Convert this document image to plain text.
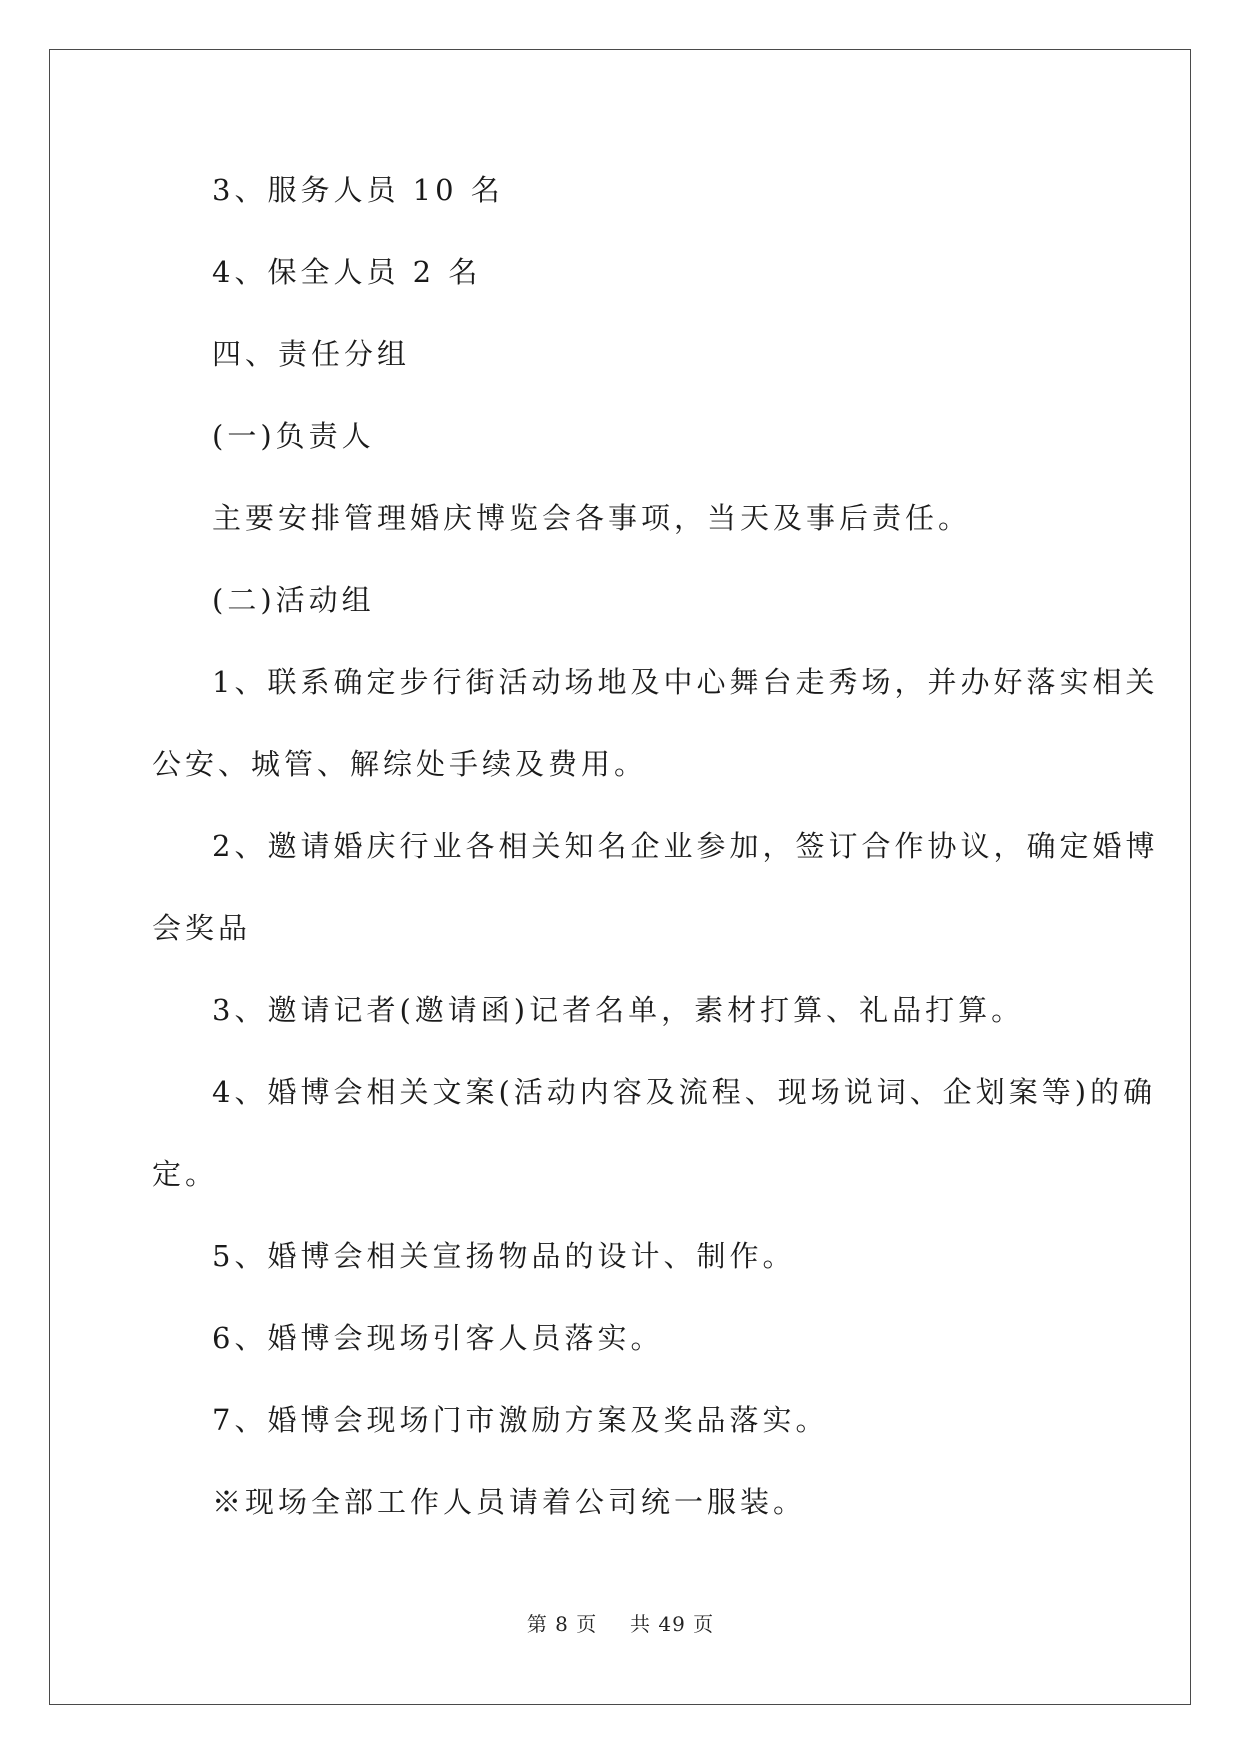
3、服务人员 10 名

4、保全人员 2 名

四、责任分组

(一)负责人

主要安排管理婚庆博览会各事项，当天及事后责任。

(二)活动组

1、联系确定步行街活动场地及中心舞台走秀场，并办好落实相关
公安、城管、解综处手续及费用。
2、邀请婚庆行业各相关知名企业参加，签订合作协议，确定婚博
会奖品

3、邀请记者(邀请函)记者名单，素材打算、礼品打算。

4、婚博会相关文案(活动内容及流程、现场说词、企划案等)的确
定。

5、婚博会相关宣扬物品的设计、制作。

6、婚博会现场引客人员落实。

7、婚博会现场门市激励方案及奖品落实。

※现场全部工作人员请着公司统一服装。

第 8 页 共 49 页
